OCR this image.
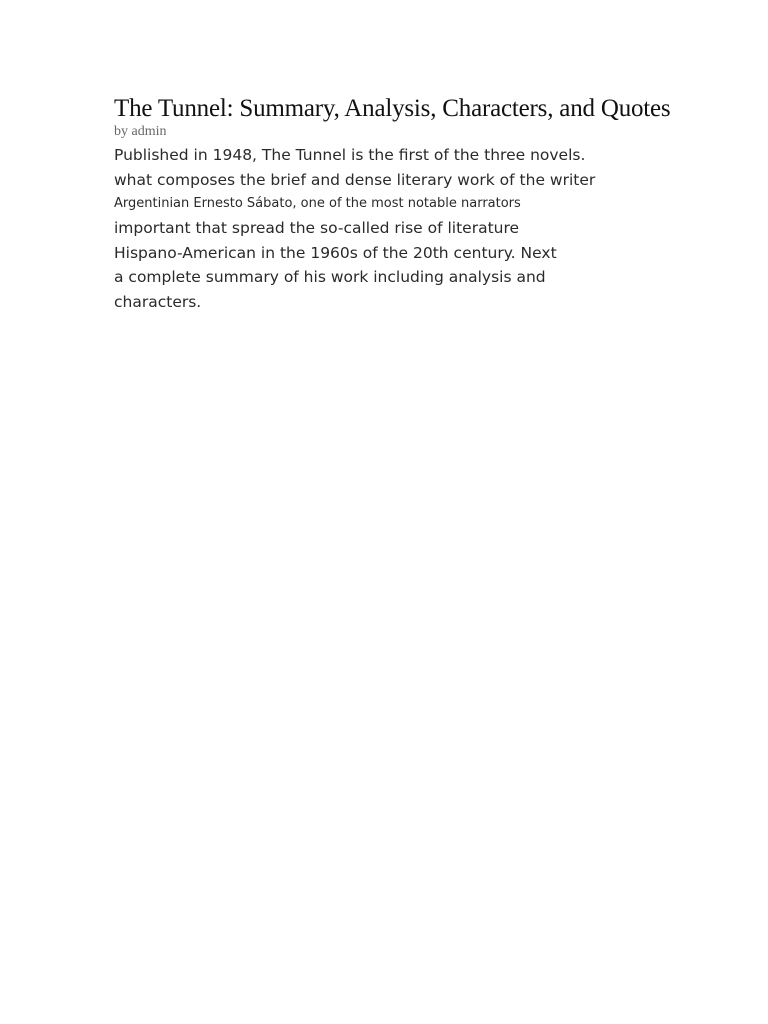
The Tunnel: Summary, Analysis, Characters, and Quotes

by admin

Published in 1948, The Tunnel is the first of the three novels.
what composes the brief and dense literary work of the writer
Argentinian Ernesto Sábato, one of the most notable narrators
important that spread the so-called rise of literature
Hispano-American in the 1960s of the 20th century. Next
a complete summary of his work including analysis and
characters.
